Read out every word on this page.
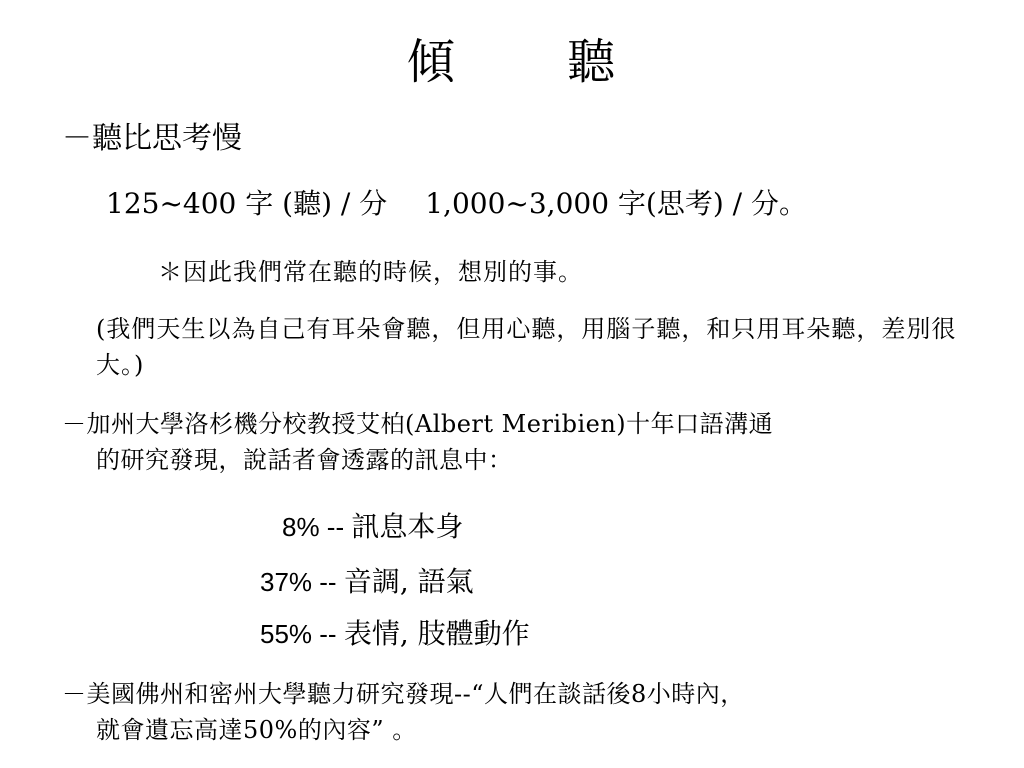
傾 聽
－聽比思考慢
125~400 字 (聽) / 分 1,000~3,000 字(思考) / 分。
＊因此我們常在聽的時候，想別的事。
(我們天生以為自己有耳朵會聽，但用心聽，用腦子聽，和只用耳朵聽，差別很大。)
－加州大學洛杉機分校教授艾柏(Albert Meribien)十年口語溝通
的研究發現，說話者會透露的訊息中：
8% -- 訊息本身
37% -- 音調, 語氣
55% -- 表情, 肢體動作
－美國佛州和密州大學聽力研究發現--“人們在談話後8小時內，
就會遺忘高達50%的內容” 。
